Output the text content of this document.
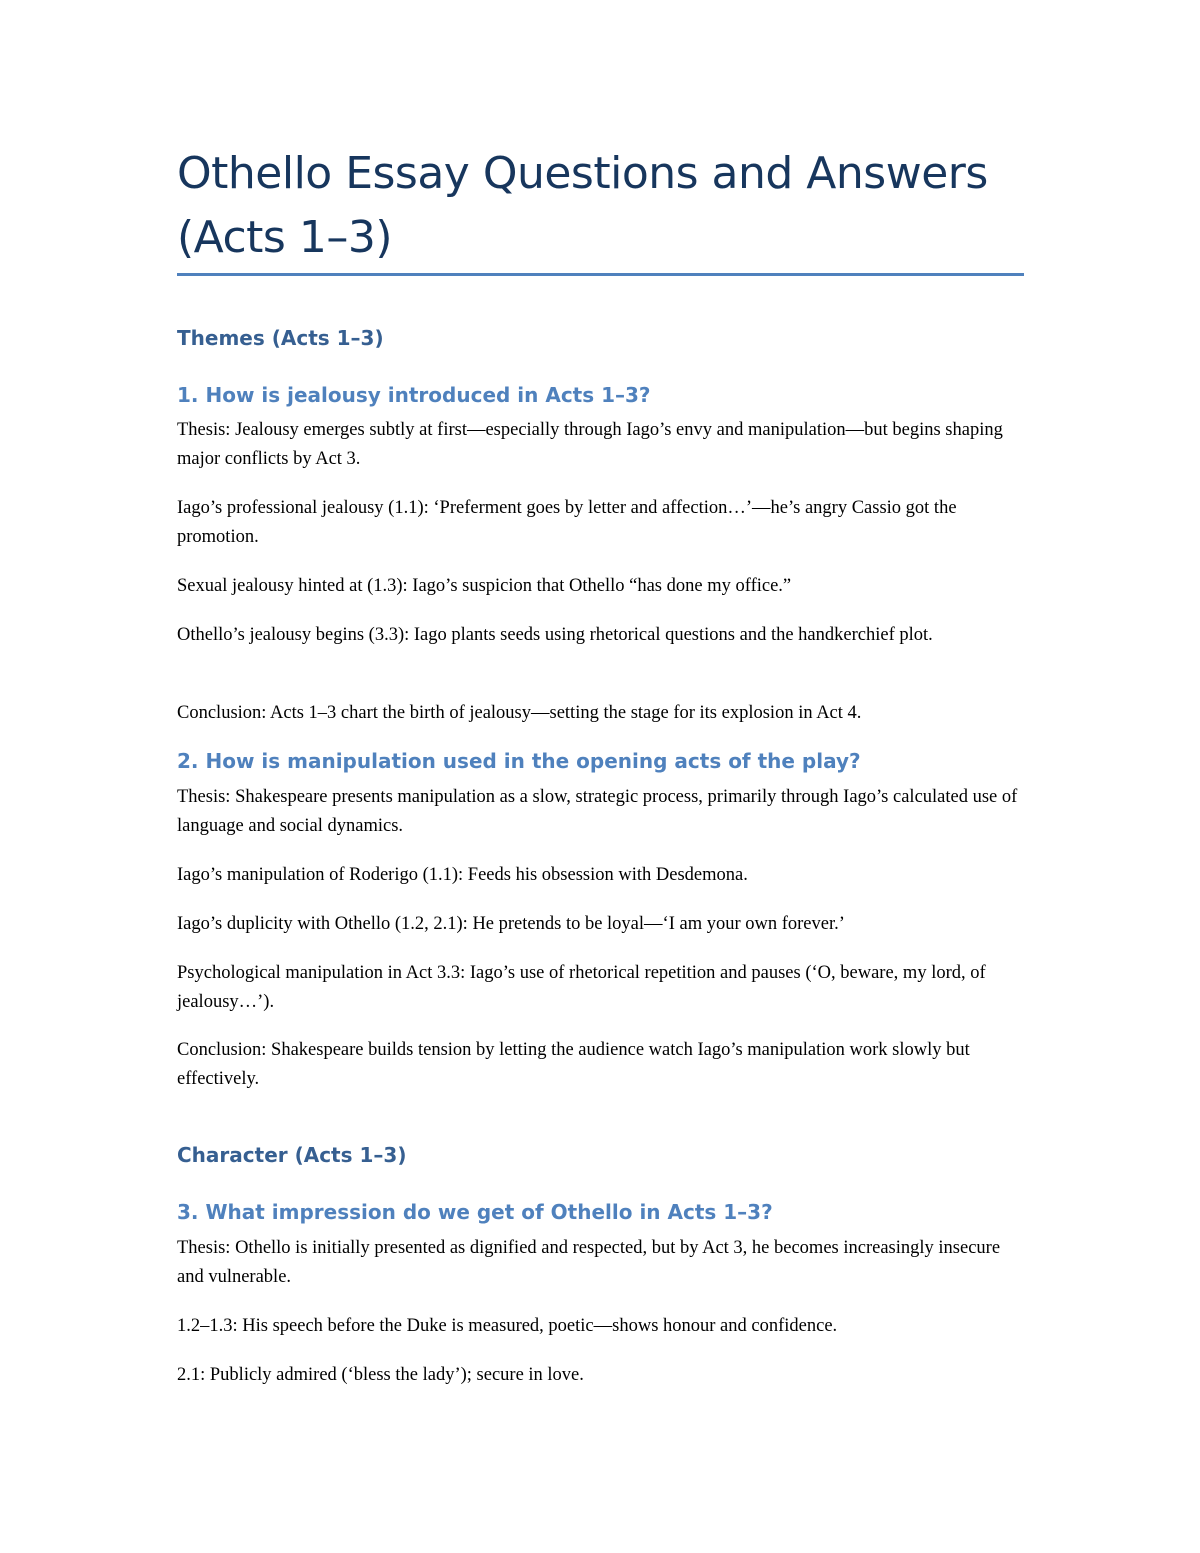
Othello Essay Questions and Answers (Acts 1–3)
Themes (Acts 1–3)
1. How is jealousy introduced in Acts 1–3?

Thesis: Jealousy emerges subtly at first—especially through Iago’s envy and manipulation—but begins shaping major conflicts by Act 3.

Iago’s professional jealousy (1.1): ‘Preferment goes by letter and affection…’—he’s angry Cassio got the promotion.

Sexual jealousy hinted at (1.3): Iago’s suspicion that Othello “has done my office.”

Othello’s jealousy begins (3.3): Iago plants seeds using rhetorical questions and the handkerchief plot.

Conclusion: Acts 1–3 chart the birth of jealousy—setting the stage for its explosion in Act 4.

2. How is manipulation used in the opening acts of the play?

Thesis: Shakespeare presents manipulation as a slow, strategic process, primarily through Iago’s calculated use of language and social dynamics.

Iago’s manipulation of Roderigo (1.1): Feeds his obsession with Desdemona.

Iago’s duplicity with Othello (1.2, 2.1): He pretends to be loyal—‘I am your own forever.’

Psychological manipulation in Act 3.3: Iago’s use of rhetorical repetition and pauses (‘O, beware, my lord, of jealousy…’).

Conclusion: Shakespeare builds tension by letting the audience watch Iago’s manipulation work slowly but effectively.

Character (Acts 1–3)
3. What impression do we get of Othello in Acts 1–3?

Thesis: Othello is initially presented as dignified and respected, but by Act 3, he becomes increasingly insecure and vulnerable.

1.2–1.3: His speech before the Duke is measured, poetic—shows honour and confidence.

2.1: Publicly admired (‘bless the lady’); secure in love.
